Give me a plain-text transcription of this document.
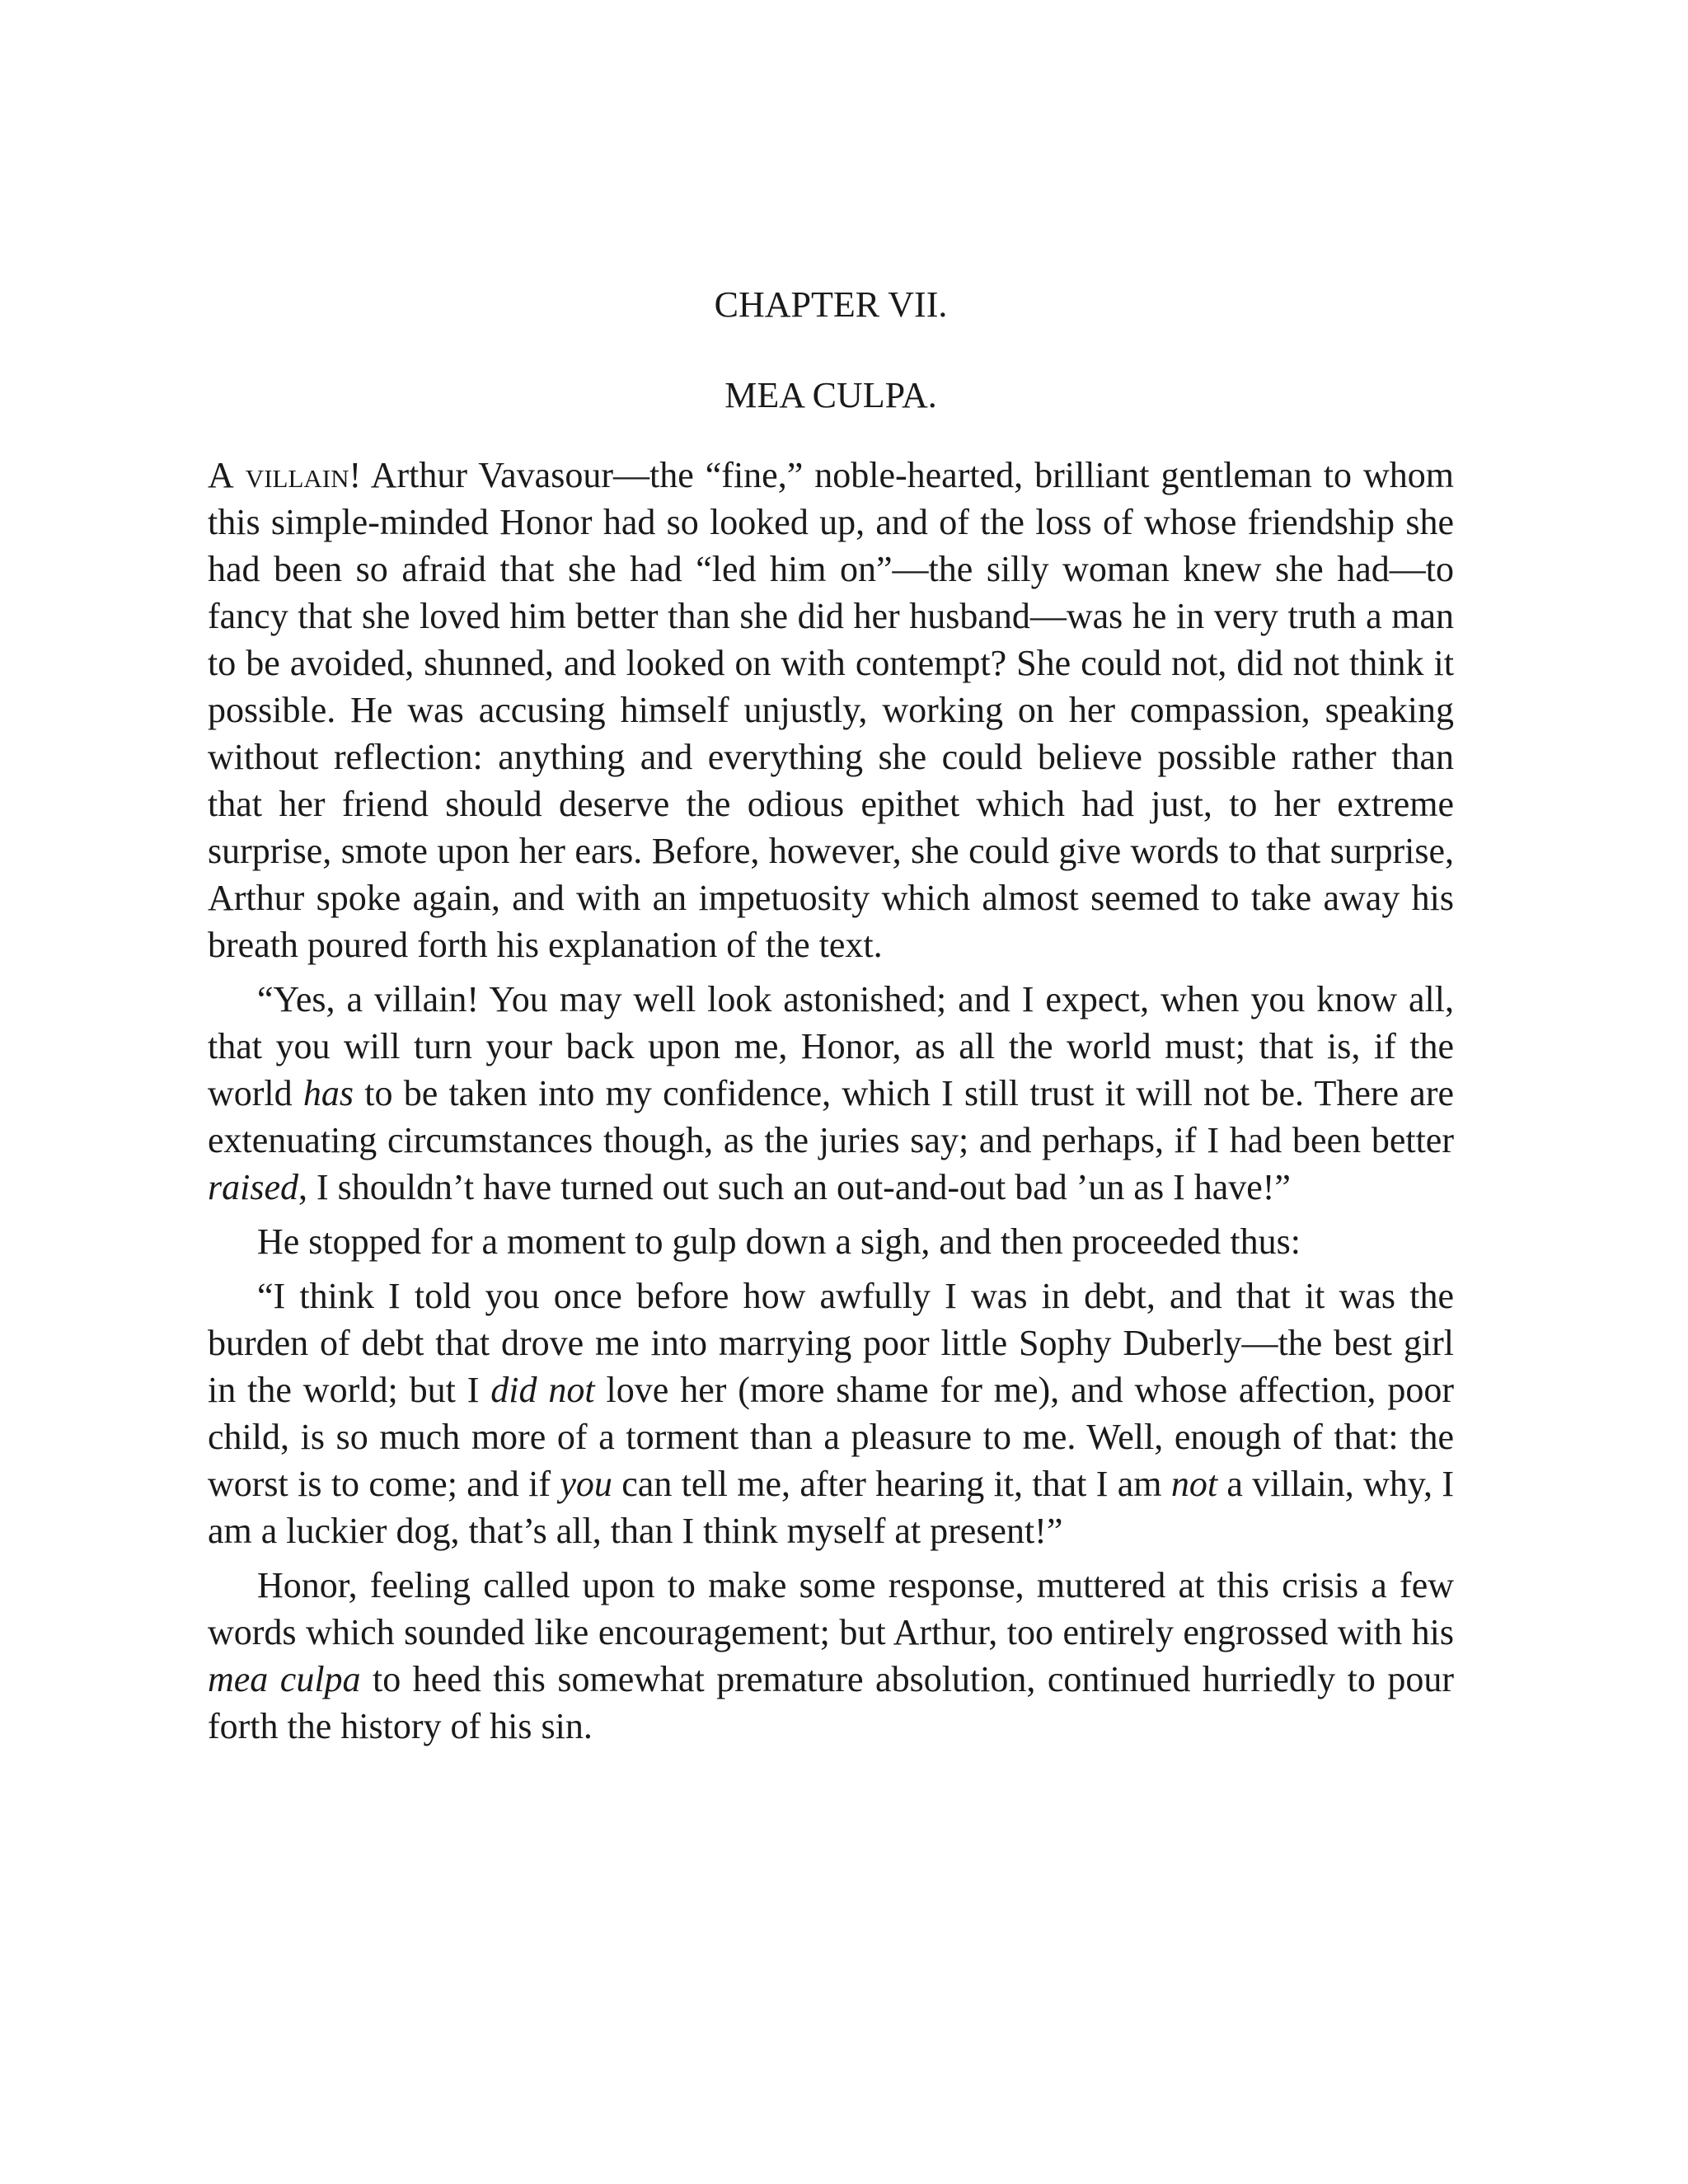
CHAPTER VII.
MEA CULPA.

A villain! Arthur Vavasour—the “fine,” noble-hearted, brilliant gentleman to whom this simple-minded Honor had so looked up, and of the loss of whose friendship she had been so afraid that she had “led him on”—the silly woman knew she had—to fancy that she loved him better than she did her husband—was he in very truth a man to be avoided, shunned, and looked on with contempt? She could not, did not think it possible. He was accusing himself unjustly, working on her compassion, speaking without reflection: anything and everything she could believe possible rather than that her friend should deserve the odious epithet which had just, to her extreme surprise, smote upon her ears. Before, however, she could give words to that surprise, Arthur spoke again, and with an impetuosity which almost seemed to take away his breath poured forth his explanation of the text.

“Yes, a villain! You may well look astonished; and I expect, when you know all, that you will turn your back upon me, Honor, as all the world must; that is, if the world has to be taken into my confidence, which I still trust it will not be. There are extenuating circumstances though, as the juries say; and perhaps, if I had been better raised, I shouldn’t have turned out such an out-and-out bad ’un as I have!”

He stopped for a moment to gulp down a sigh, and then proceeded thus:

“I think I told you once before how awfully I was in debt, and that it was the burden of debt that drove me into marrying poor little Sophy Duberly—the best girl in the world; but I did not love her (more shame for me), and whose affection, poor child, is so much more of a torment than a pleasure to me. Well, enough of that: the worst is to come; and if you can tell me, after hearing it, that I am not a villain, why, I am a luckier dog, that’s all, than I think myself at present!”

Honor, feeling called upon to make some response, muttered at this crisis a few words which sounded like encouragement; but Arthur, too entirely engrossed with his mea culpa to heed this somewhat premature absolution, continued hurriedly to pour forth the history of his sin.
